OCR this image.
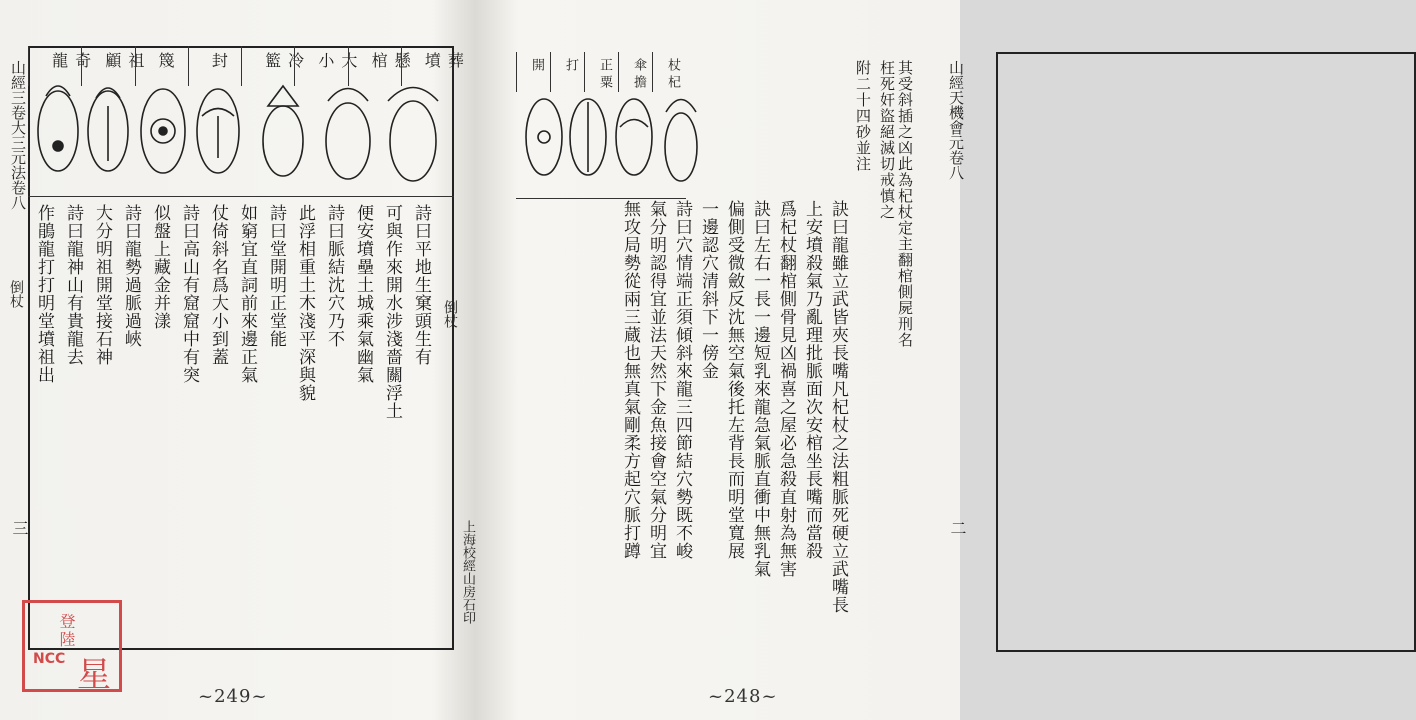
山經三卷大三元法卷八
倒杖
倒杖
三	上海校經山房石印
奇龍	祖顧	篾 封	冷籃	大小	懸棺	葬墳
詩曰平地生窠頭生有
可與作來開水涉淺嗇關浮土
便安墳壘土城乘氣幽氣
詩曰脈結沈穴乃不
此浮相重土木淺平深與貌
詩曰堂開明正堂能
如窮宜直詞前來邊正氣
仗倚斜名爲大小到蓋
詩曰高山有窟窟中有突
似盤上藏金并漾
詩曰龍勢過脈過峽
大分明祖開堂接石神
詩曰龍神山有貴龍去
作鵑龍打打明堂墳祖出
~249~
登陸
NCC 星
山經天機會元卷八
二
開 打 正粟 傘擔 杖杞	其受斜插之凶此為杞杖定主翻棺側屍刑名枉死奸盜絕滅切戒慎之
附二十四砂並注
訣曰龍雖立武皆夾長嘴凡杞杖之法粗脈死硬立武嘴長
上安墳殺氣乃亂理批脈面次安棺坐長嘴而當殺
爲杞杖翻棺側骨見凶禍喜之屋必急殺直射為無害
訣曰左右一長一邊短乳來龍急氣脈直衝中無乳氣
偏側受微斂反沈無空氣後托左背長而明堂寬展
一邊認穴清斜下一傍金
詩曰穴情端正須傾斜來龍三四節結穴勢既不峻
氣分明認得宜並法天然下金魚接會空氣分明宜
無攻局勢從兩三蔵也無真氣剛柔方起穴脈打蹲
~248~
